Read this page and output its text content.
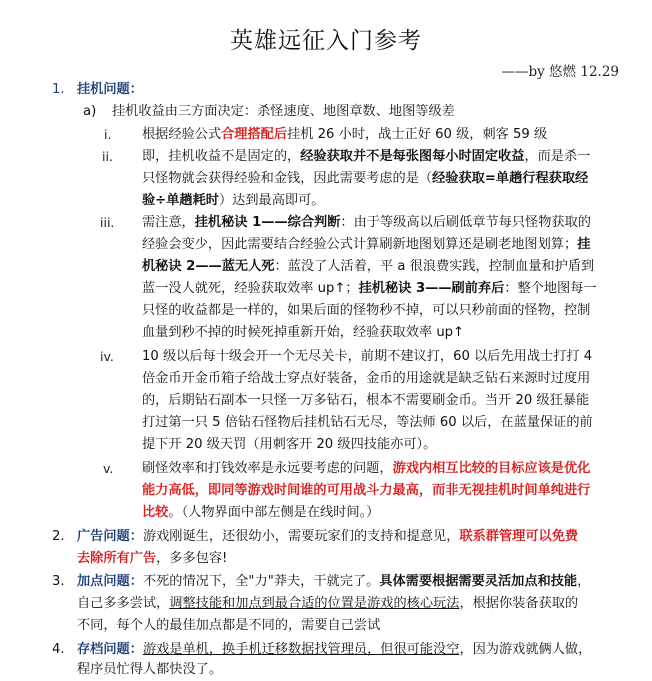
英雄远征入门参考
——by 悠燃 12.29
1. 挂机问题：
a) 挂机收益由三方面决定：杀怪速度、地图章数、地图等级差
i. 根据经验公式合理搭配后挂机 26 小时，战士正好 60 级，刺客 59 级
ii. 即，挂机收益不是固定的，经验获取并不是每张图每小时固定收益，而是杀一
只怪物就会获得经验和金钱，因此需要考虑的是（经验获取=单趟行程获取经
验÷单趟耗时）达到最高即可。
iii. 需注意，挂机秘诀 1——综合判断：由于等级高以后刷低章节每只怪物获取的
经验会变少，因此需要结合经验公式计算刷新地图划算还是刷老地图划算；挂
机秘诀 2——蓝无人死：蓝没了人活着，平 a 很浪费实践，控制血量和护盾到
蓝一没人就死，经验获取效率 up↑；挂机秘诀 3——刷前弃后：整个地图每一
只怪的收益都是一样的，如果后面的怪物秒不掉，可以只秒前面的怪物，控制
血量到秒不掉的时候死掉重新开始，经验获取效率 up↑
iv. 10 级以后每十级会开一个无尽关卡，前期不建议打，60 以后先用战士打打 4
倍金币开金币箱子给战士穿点好装备，金币的用途就是缺乏钻石来源时过度用
的，后期钻石副本一只怪一万多钻石，根本不需要刷金币。当开 20 级狂暴能
打过第一只 5 倍钻石怪物后挂机钻石无尽，等法师 60 以后，在蓝量保证的前
提下开 20 级天罚（用刺客开 20 级四技能亦可）。
v. 刷怪效率和打钱效率是永远要考虑的问题，游戏内相互比较的目标应该是优化
能力高低，即同等游戏时间谁的可用战斗力最高，而非无视挂机时间单纯进行
比较。（人物界面中部左侧是在线时间。）
2. 广告问题：游戏刚诞生，还很幼小，需要玩家们的支持和提意见，联系群管理可以免费
去除所有广告，多多包容!
3. 加点问题：不死的情况下，全"力"莽夫，干就完了。具体需要根据需要灵活加点和技能，
自己多多尝试，调整技能和加点到最合适的位置是游戏的核心玩法，根据你装备获取的
不同，每个人的最佳加点都是不同的，需要自己尝试
4. 存档问题：游戏是单机，换手机迁移数据找管理员，但很可能没空，因为游戏就俩人做，
程序员忙得人都快没了。
